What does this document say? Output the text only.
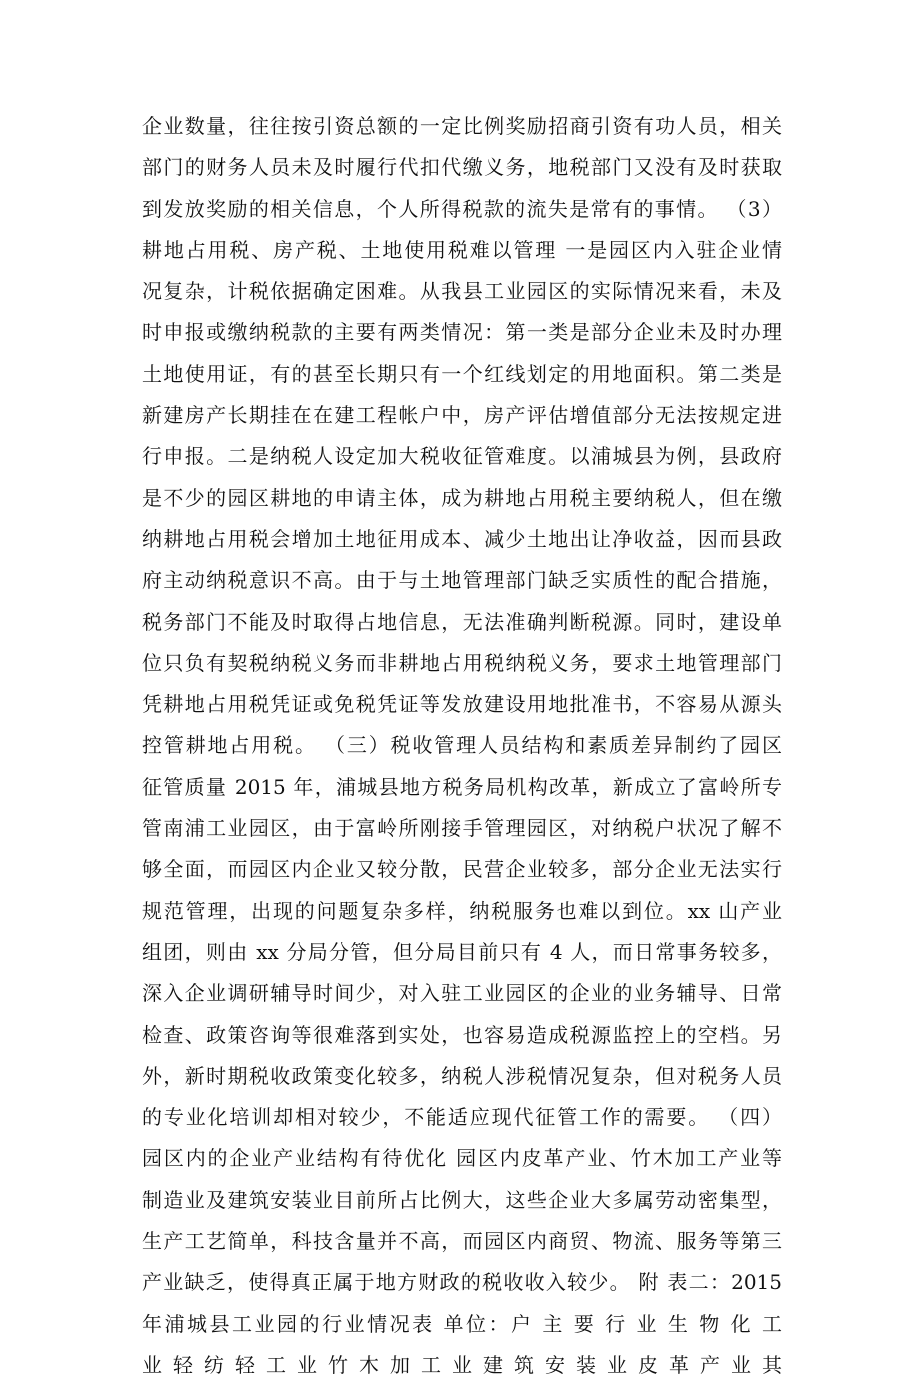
企业数量，往往按引资总额的一定比例奖励招商引资有功人员，相关
部门的财务人员未及时履行代扣代缴义务，地税部门又没有及时获取
到发放奖励的相关信息，个人所得税款的流失是常有的事情。 （3）
耕地占用税、房产税、土地使用税难以管理 一是园区内入驻企业情
况复杂，计税依据确定困难。从我县工业园区的实际情况来看，未及
时申报或缴纳税款的主要有两类情况：第一类是部分企业未及时办理
土地使用证，有的甚至长期只有一个红线划定的用地面积。第二类是
新建房产长期挂在在建工程帐户中，房产评估增值部分无法按规定进
行申报。二是纳税人设定加大税收征管难度。以浦城县为例，县政府
是不少的园区耕地的申请主体，成为耕地占用税主要纳税人，但在缴
纳耕地占用税会增加土地征用成本、减少土地出让净收益，因而县政
府主动纳税意识不高。由于与土地管理部门缺乏实质性的配合措施，
税务部门不能及时取得占地信息，无法准确判断税源。同时，建设单
位只负有契税纳税义务而非耕地占用税纳税义务，要求土地管理部门
凭耕地占用税凭证或免税凭证等发放建设用地批准书，不容易从源头
控管耕地占用税。 （三）税收管理人员结构和素质差异制约了园区
征管质量 2015 年，浦城县地方税务局机构改革，新成立了富岭所专
管南浦工业园区，由于富岭所刚接手管理园区，对纳税户状况了解不
够全面，而园区内企业又较分散，民营企业较多，部分企业无法实行
规范管理，出现的问题复杂多样，纳税服务也难以到位。xx 山产业
组团，则由 xx 分局分管，但分局目前只有 4 人，而日常事务较多，
深入企业调研辅导时间少，对入驻工业园区的企业的业务辅导、日常
检查、政策咨询等很难落到实处，也容易造成税源监控上的空档。另
外，新时期税收政策变化较多，纳税人涉税情况复杂，但对税务人员
的专业化培训却相对较少，不能适应现代征管工作的需要。 （四）
园区内的企业产业结构有待优化 园区内皮革产业、竹木加工产业等
制造业及建筑安装业目前所占比例大，这些企业大多属劳动密集型，
生产工艺简单，科技含量并不高，而园区内商贸、物流、服务等第三
产业缺乏，使得真正属于地方财政的税收收入较少。 附 表二：2015
年浦城县工业园的行业情况表 单位：户 主 要 行 业 生 物 化 工
业 轻 纺 轻 工 业 竹 木 加 工 业 建 筑 安 装 业 皮 革 产 业 其
